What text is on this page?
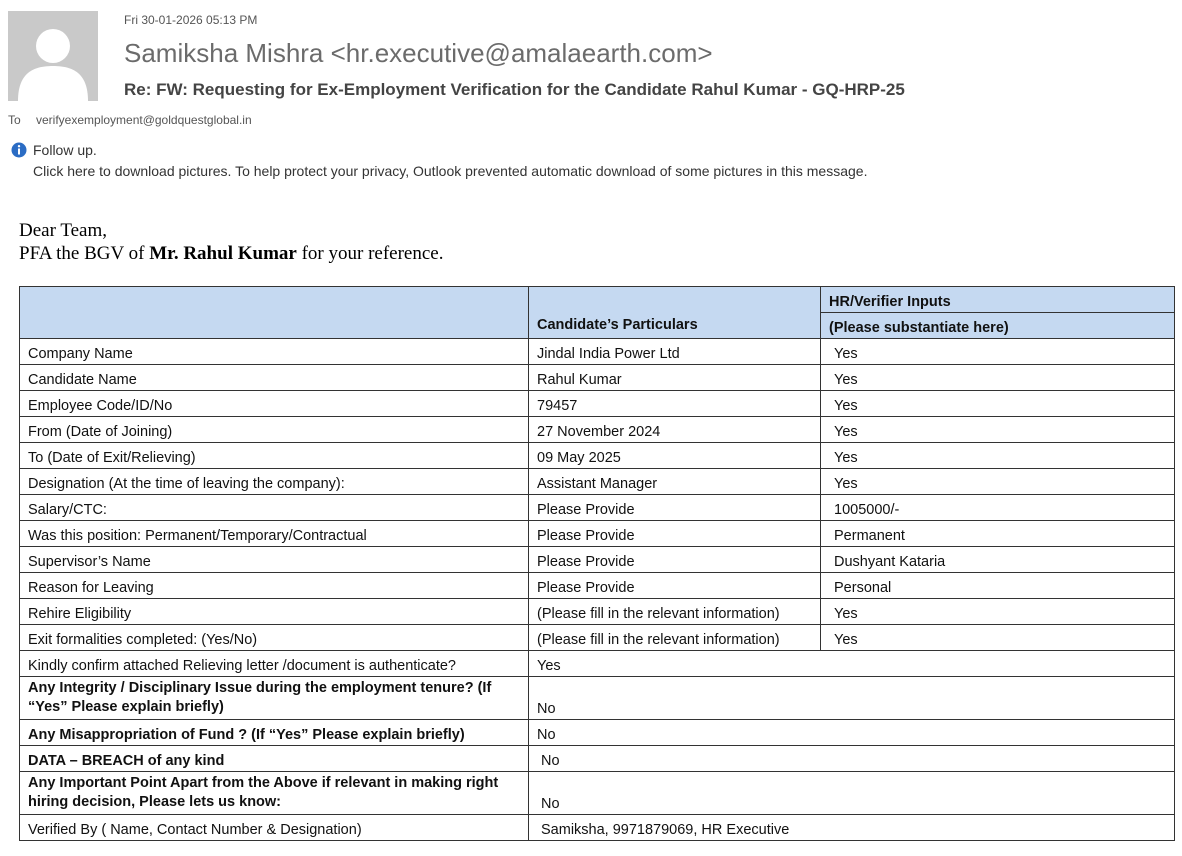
Fri 30-01-2026 05:13 PM
Samiksha Mishra <hr.executive@amalaearth.com>
Re: FW: Requesting for Ex-Employment Verification for the Candidate Rahul Kumar - GQ-HRP-25
To verifyexemployment@goldquestglobal.in
Follow up.
Click here to download pictures. To help protect your privacy, Outlook prevented automatic download of some pictures in this message.
Dear Team,
PFA the BGV of Mr. Rahul Kumar for your reference.
	Candidate’s Particulars	HR/Verifier Inputs
		(Please substantiate here)
Company Name	Jindal India Power Ltd	Yes
Candidate Name	Rahul Kumar	Yes
Employee Code/ID/No	79457	Yes
From (Date of Joining)	27 November 2024	Yes
To (Date of Exit/Relieving)	09 May 2025	Yes
Designation (At the time of leaving the company):	Assistant Manager	Yes
Salary/CTC:	Please Provide	1005000/-
Was this position: Permanent/Temporary/Contractual	Please Provide	Permanent
Supervisor’s Name	Please Provide	Dushyant Kataria
Reason for Leaving	Please Provide	Personal
Rehire Eligibility	(Please fill in the relevant information)	Yes
Exit formalities completed: (Yes/No)	(Please fill in the relevant information)	Yes
Kindly confirm attached Relieving letter /document is authenticate?	Yes	
Any Integrity / Disciplinary Issue during the employment tenure? (If “Yes” Please explain briefly)	No	
Any Misappropriation of Fund ? (If “Yes” Please explain briefly)	No	
DATA – BREACH of any kind	No	
Any Important Point Apart from the Above if relevant in making right hiring decision, Please lets us know:	No	
Verified By ( Name, Contact Number & Designation)	Samiksha, 9971879069, HR Executive	
